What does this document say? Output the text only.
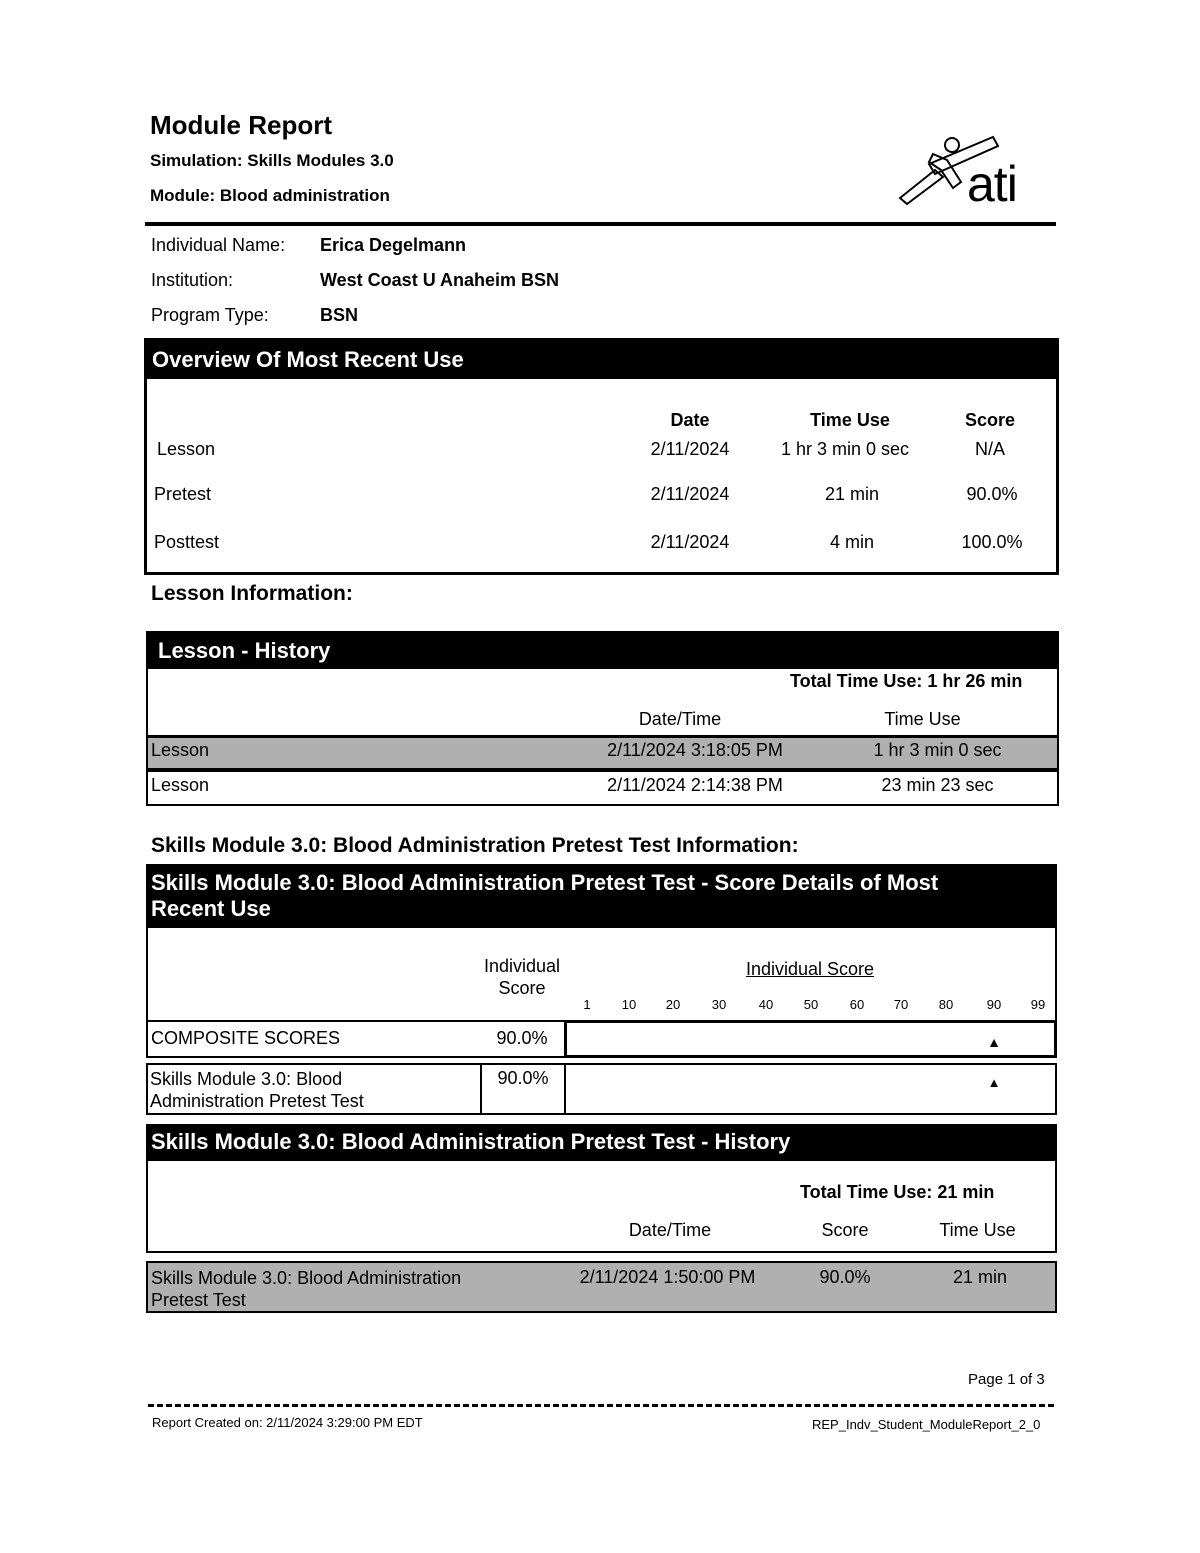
Module Report
Simulation: Skills Modules 3.0
Module: Blood administration	ati
Individual Name: Erica Degelmann
Institution:	West Coast U Anaheim BSN
Program Type:	BSN
Overview Of Most Recent Use
Date	Time Use	Score
Lesson	2/11/2024	1 hr 3 min 0 sec	N/A
Pretest	2/11/2024	21 min	90.0%
Posttest	2/11/2024	4 min	100.0%
Lesson Information:
Lesson - History
Total Time Use: 1 hr 26 min
Date/Time	Time Use
Lesson	2/11/2024 3:18:05 PM	1 hr 3 min 0 sec
Lesson	2/11/2024 2:14:38 PM	23 min 23 sec
Skills Module 3.0: Blood Administration Pretest Test Information:
Skills Module 3.0: Blood Administration Pretest Test - Score Details of Most
Recent Use
Individual
Score
Individual Score
1	10	20	30	40	50	60	70	80	90	99
COMPOSITE SCORES	90.0%	▲
Skills Module 3.0: Blood
Administration Pretest Test
90.0%	▲
Skills Module 3.0: Blood Administration Pretest Test - History
Total Time Use: 21 min
Date/Time	Score	Time Use
Skills Module 3.0: Blood Administration
Pretest Test
2/11/2024 1:50:00 PM	90.0%	21 min
Page 1 of 3
Report Created on: 2/11/2024 3:29:00 PM EDT	REP_Indv_Student_ModuleReport_2_0
